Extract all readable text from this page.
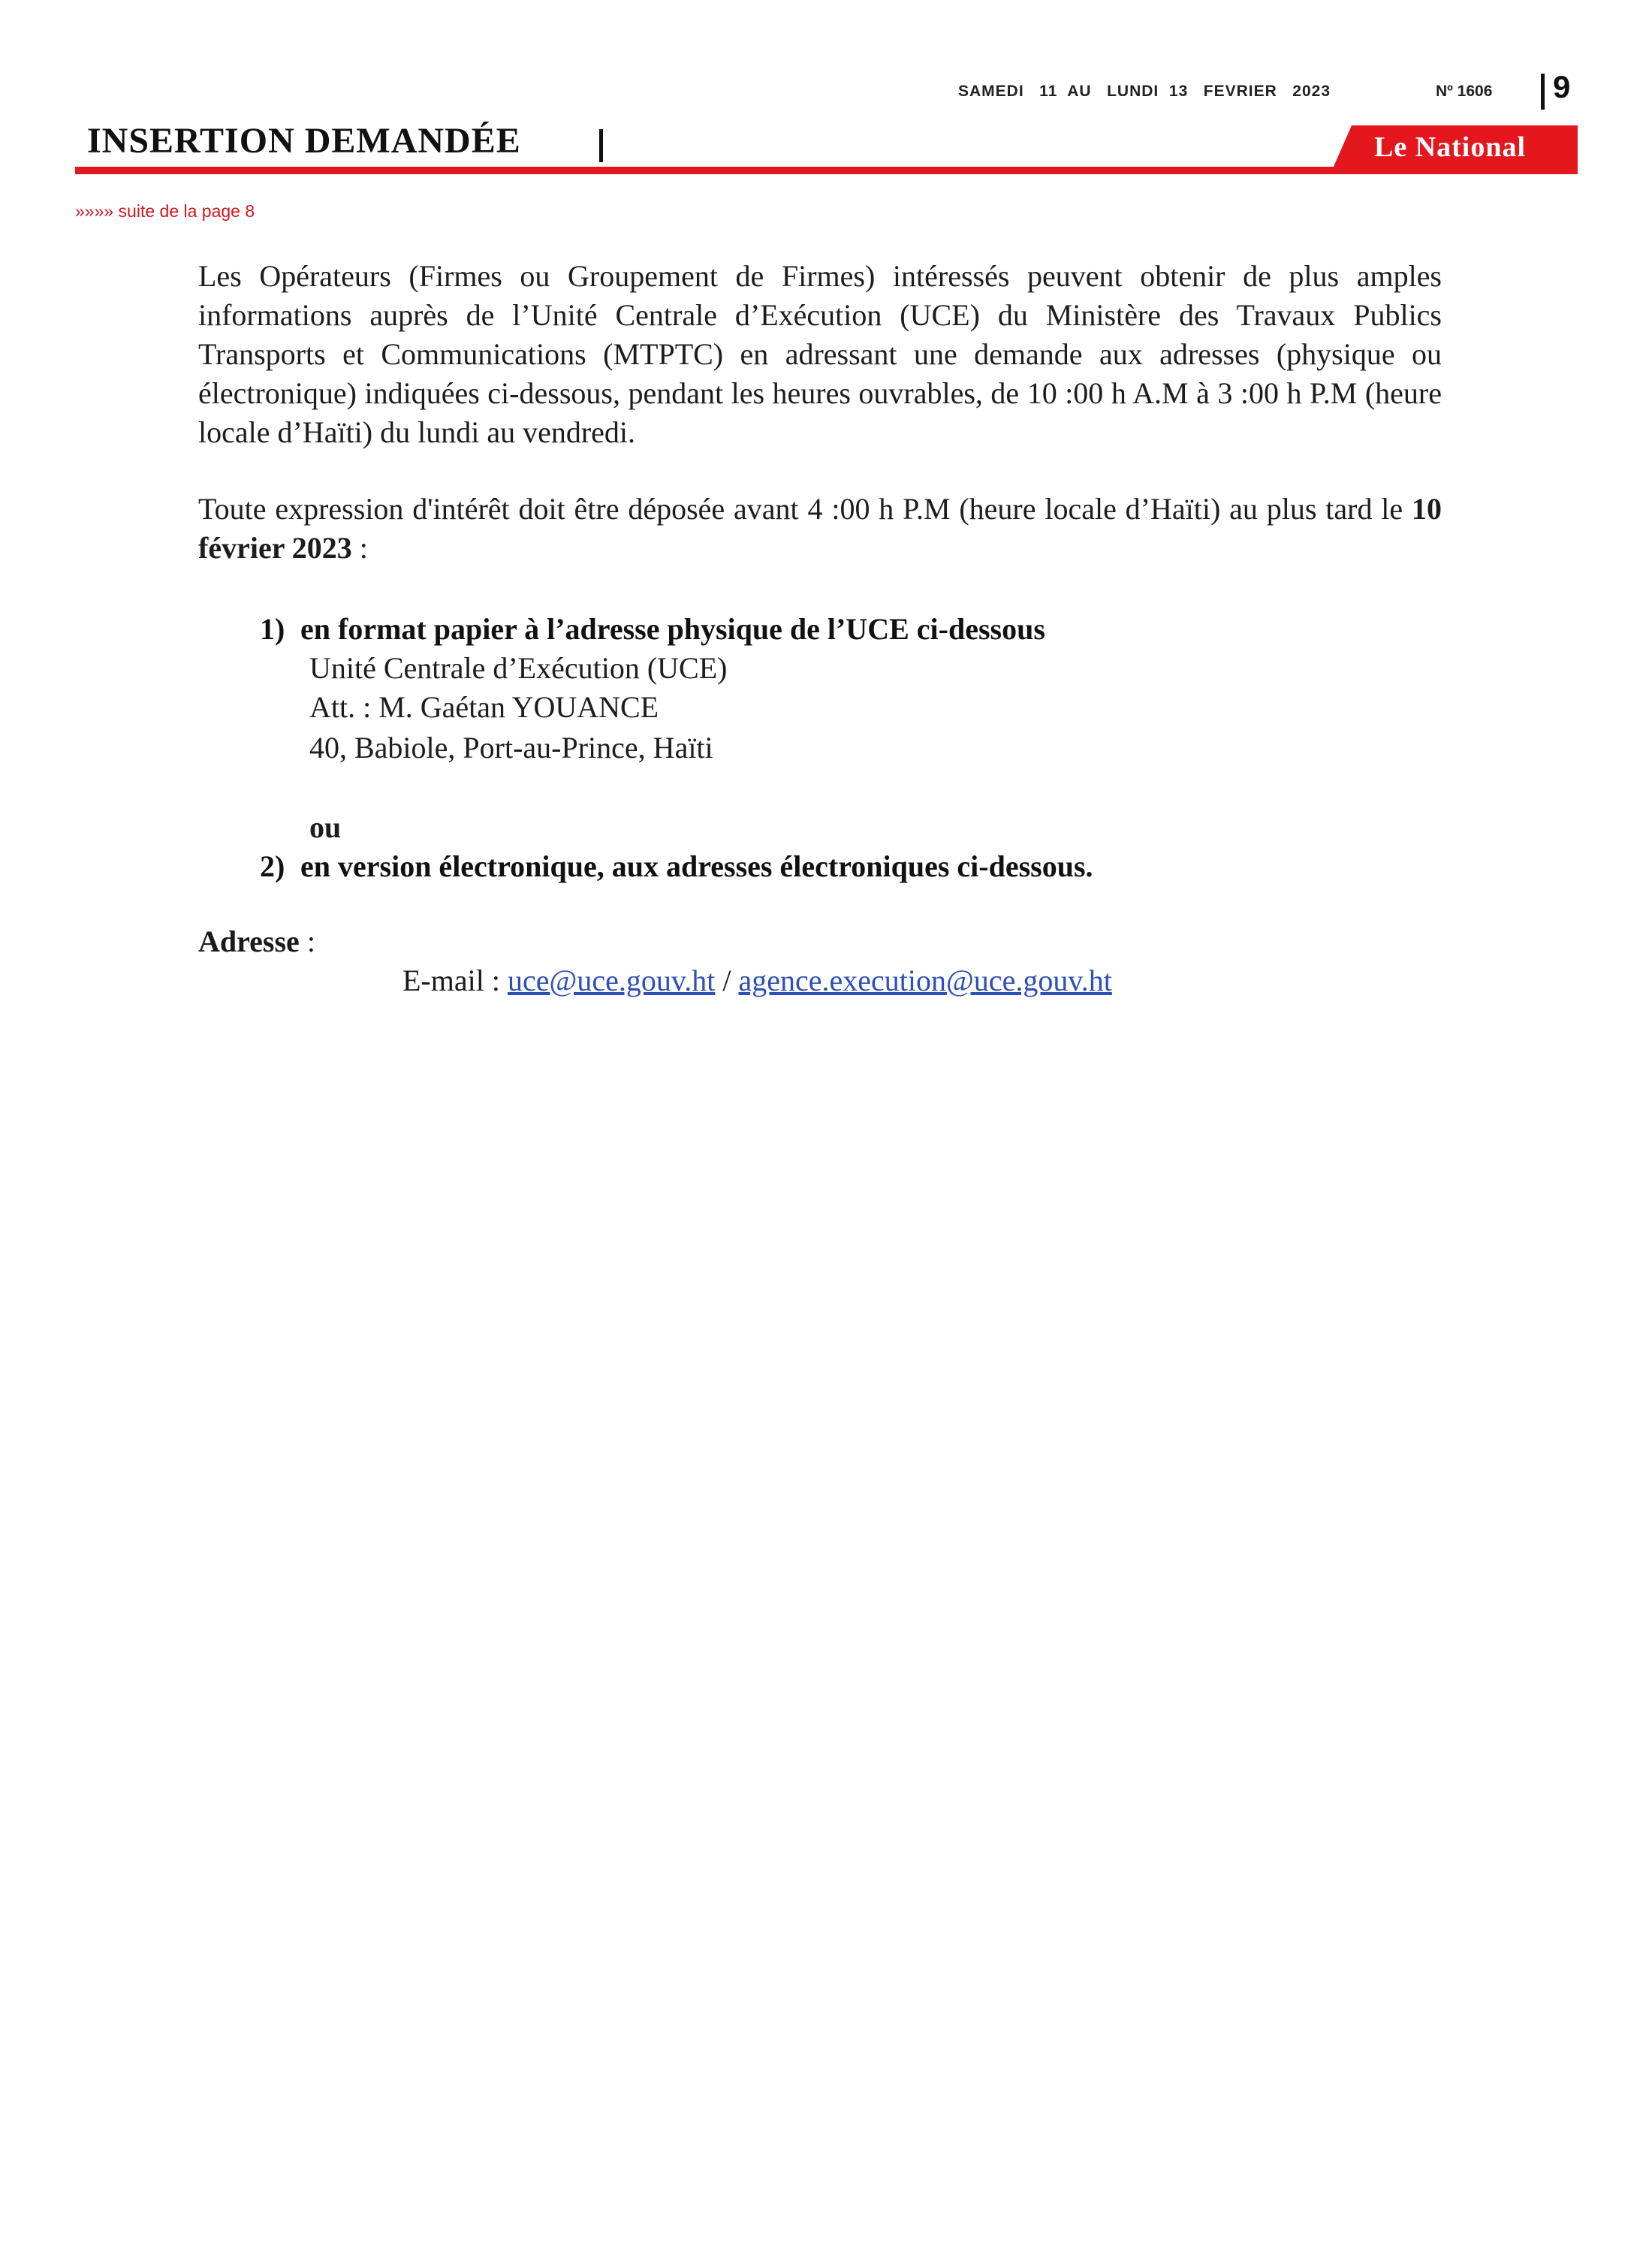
SAMEDI   11  AU   LUNDI  13   FEVRIER   2023	Nº 1606 9
INSERTION DEMANDÉE	Le National
»»»» suite de la page 8

Les Opérateurs (Firmes ou Groupement de Firmes) intéressés peuvent obtenir de plus amples informations auprès de l’Unité Centrale d’Exécution (UCE) du Ministère des Travaux Publics Transports et Communications (MTPTC) en adressant une demande aux adresses (physique ou électronique) indiquées ci-dessous, pendant les heures ouvrables, de 10 :00 h A.M à 3 :00 h P.M (heure locale d’Haïti) du lundi au vendredi.

Toute expression d'intérêt doit être déposée avant 4 :00 h P.M (heure locale d’Haïti) au plus tard le 10 février 2023 :

1) en format papier à l’adresse physique de l’UCE ci-dessous
Unité Centrale d’Exécution (UCE)
Att. : M. Gaétan YOUANCE
40, Babiole, Port-au-Prince, Haïti
ou
2) en version électronique, aux adresses électroniques ci-dessous.
Adresse :
E-mail : uce@uce.gouv.ht / agence.execution@uce.gouv.ht
